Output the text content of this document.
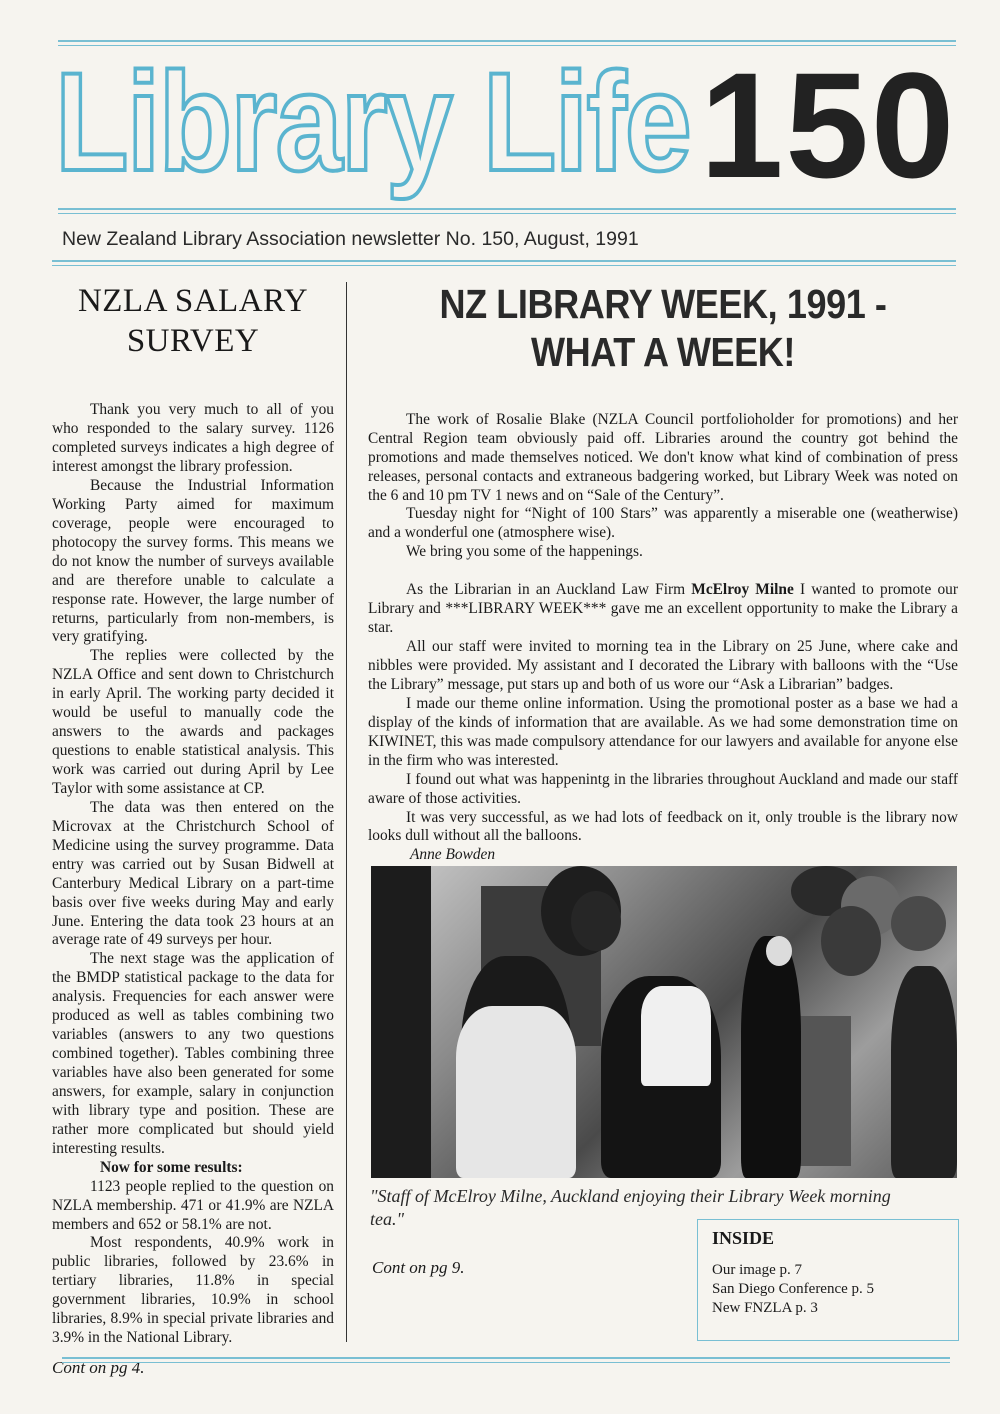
Library Life 150
New Zealand Library Association newsletter No. 150, August, 1991
NZLA SALARY SURVEY

Thank you very much to all of you who responded to the salary survey. 1126 completed surveys indicates a high degree of interest amongst the library profession.

Because the Industrial Information Working Party aimed for maximum coverage, people were encouraged to photocopy the survey forms. This means we do not know the number of surveys available and are therefore unable to calculate a response rate. However, the large number of returns, particularly from non-members, is very gratifying.

The replies were collected by the NZLA Office and sent down to Christchurch in early April. The working party decided it would be useful to manually code the answers to the awards and packages questions to enable statistical analysis. This work was carried out during April by Lee Taylor with some assistance at CP.

The data was then entered on the Microvax at the Christchurch School of Medicine using the survey programme. Data entry was carried out by Susan Bidwell at Canterbury Medical Library on a part-time basis over five weeks during May and early June. Entering the data took 23 hours at an average rate of 49 surveys per hour.

The next stage was the application of the BMDP statistical package to the data for analysis. Frequencies for each answer were produced as well as tables combining two variables (answers to any two questions combined together). Tables combining three variables have also been generated for some answers, for example, salary in conjunction with library type and position. These are rather more complicated but should yield interesting results.

Now for some results:

1123 people replied to the question on NZLA membership. 471 or 41.9% are NZLA members and 652 or 58.1% are not.

Most respondents, 40.9% work in public libraries, followed by 23.6% in tertiary libraries, 11.8% in special government libraries, 10.9% in school libraries, 8.9% in special private libraries and 3.9% in the National Library.

Cont on pg 4.
NZ LIBRARY WEEK, 1991 -
WHAT A WEEK!

The work of Rosalie Blake (NZLA Council portfolioholder for promotions) and her Central Region team obviously paid off. Libraries around the country got behind the promotions and made themselves noticed. We don't know what kind of combination of press releases, personal contacts and extraneous badgering worked, but Library Week was noted on the 6 and 10 pm TV 1 news and on “Sale of the Century”.

Tuesday night for “Night of 100 Stars” was apparently a miserable one (weatherwise) and a wonderful one (atmosphere wise).

We bring you some of the happenings.

As the Librarian in an Auckland Law Firm McElroy Milne I wanted to promote our Library and ***LIBRARY WEEK*** gave me an excellent opportunity to make the Library a star.

All our staff were invited to morning tea in the Library on 25 June, where cake and nibbles were provided. My assistant and I decorated the Library with balloons with the “Use the Library” message, put stars up and both of us wore our “Ask a Librarian” badges.

I made our theme online information. Using the promotional poster as a base we had a display of the kinds of information that are available. As we had some demonstration time on KIWINET, this was made compulsory attendance for our lawyers and available for anyone else in the firm who was interested.

I found out what was happenintg in the libraries throughout Auckland and made our staff aware of those activities.

It was very successful, as we had lots of feedback on it, only trouble is the library now looks dull without all the balloons.

Anne Bowden

"Staff of McElroy Milne, Auckland enjoying their Library Week morning tea."
Cont on pg 9.
INSIDE
Our image p. 7
San Diego Conference p. 5
New FNZLA p. 3
